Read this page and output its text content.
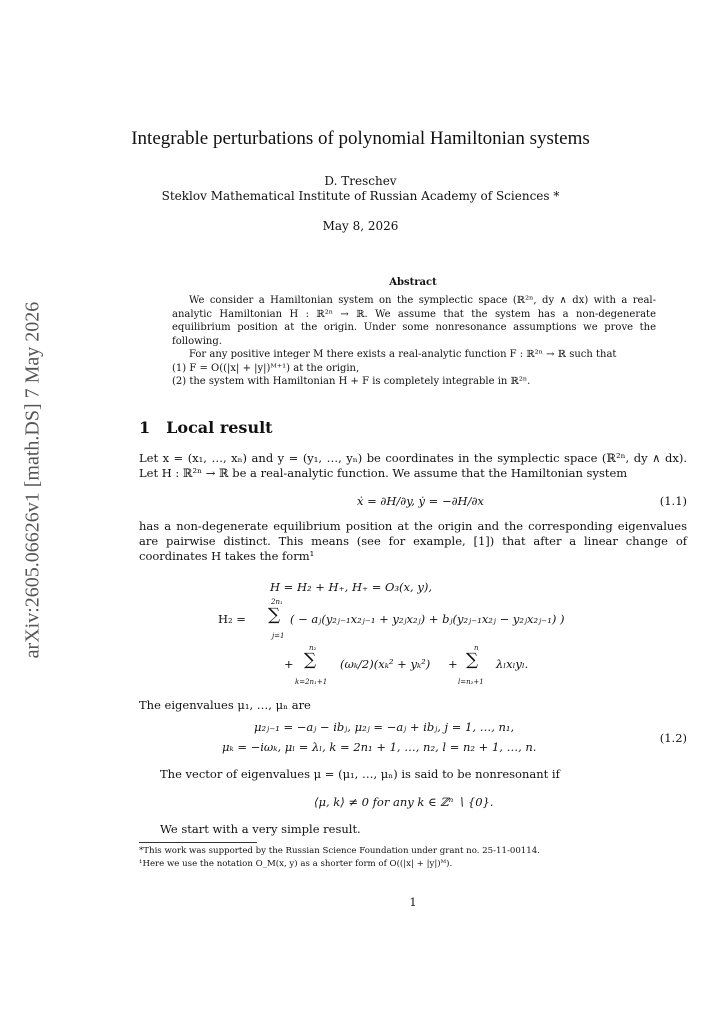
arXiv:2605.06626v1 [math.DS] 7 May 2026
Integrable perturbations of polynomial Hamiltonian systems
D. Treschev
Steklov Mathematical Institute of Russian Academy of Sciences *
May 8, 2026
Abstract

We consider a Hamiltonian system on the symplectic space (ℝ²ⁿ, dy ∧ dx) with a real-analytic Hamiltonian H : ℝ²ⁿ → ℝ. We assume that the system has a non-degenerate equilibrium position at the origin. Under some nonresonance assumptions we prove the following.

For any positive integer M there exists a real-analytic function F : ℝ²ⁿ → ℝ such that

(1) F = O((|x| + |y|)ᴹ⁺¹) at the origin,

(2) the system with Hamiltonian H + F is completely integrable in ℝ²ⁿ.

1 Local result

Let x = (x₁, …, xₙ) and y = (y₁, …, yₙ) be coordinates in the symplectic space (ℝ²ⁿ, dy ∧ dx). Let H : ℝ²ⁿ → ℝ be a real-analytic function. We assume that the Hamiltonian system

ẋ = ∂H/∂y, ẏ = −∂H/∂x	(1.1)

has a non-degenerate equilibrium position at the origin and the corresponding eigenvalues are pairwise distinct. This means (see for example, [1]) that after a linear change of coordinates H takes the form¹

H = H₂ + H₊, H₊ = O₃(x, y),
H₂ =
2n₁
∑
j=1
( − aⱼ(y₂ⱼ₋₁x₂ⱼ₋₁ + y₂ⱼx₂ⱼ) + bⱼ(y₂ⱼ₋₁x₂ⱼ − y₂ⱼx₂ⱼ₋₁) )
+
n₂
∑
k=2n₁+1
(ωₖ/2)(xₖ² + yₖ²) +
n
∑
l=n₂+1
λₗxₗyₗ.

The eigenvalues μ₁, …, μₙ are

μ₂ⱼ₋₁ = −aⱼ − ibⱼ, μ₂ⱼ = −aⱼ + ibⱼ, j = 1, …, n₁,
μₖ = −iωₖ, μₗ = λₗ, k = 2n₁ + 1, …, n₂, l = n₂ + 1, …, n.
(1.2)

The vector of eigenvalues μ = (μ₁, …, μₙ) is said to be nonresonant if

⟨μ, k⟩ ≠ 0 for any k ∈ ℤⁿ ∖ {0}.

We start with a very simple result.

*This work was supported by the Russian Science Foundation under grant no. 25-11-00114.
¹Here we use the notation O_M(x, y) as a shorter form of O((|x| + |y|)ᴹ).
1
